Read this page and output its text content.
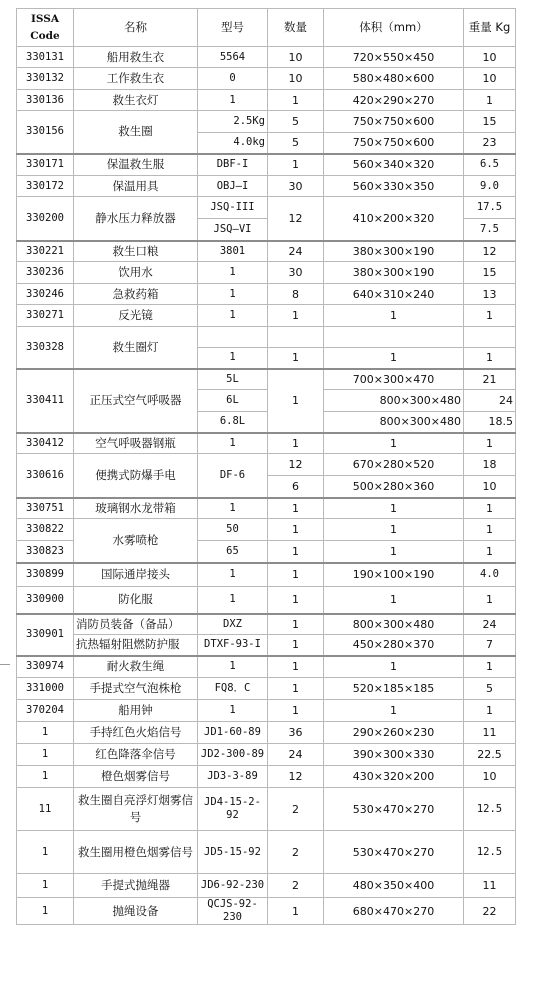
ISSA
Code	名称	型号	数量	体积（mm）	重量 Kg
330131	船用救生衣	5564	10	720×550×450	10
330132	工作救生衣	0	10	580×480×600	10
330136	救生衣灯	1	1	420×290×270	1
330156	救生圈	2.5Kg	5	750×750×600	15
		4.0kg	5	750×750×600	23
330171	保温救生服	DBF-I	1	560×340×320	6.5
330172	保温用具	OBJ—I	30	560×330×350	9.0
330200	静水压力释放器	JSQ-III	12	410×200×320	17.5
		JSQ—VI			7.5
330221	救生口粮	3801	24	380×300×190	12
330236	饮用水	1	30	380×300×190	15
330246	急救药箱	1	8	640×310×240	13
330271	反光镜	1	1	1	1
330328	救生圈灯				
		1	1	1	1
330411	正压式空气呼吸器	5L	1	700×300×470	21
		6L		800×300×480	24
		6.8L		800×300×480	18.5
330412	空气呼吸器钢瓶	1	1	1	1
330616	便携式防爆手电	DF-6	12	670×280×520	18
			6	500×280×360	10
330751	玻璃钢水龙带箱	1	1	1	1
330822	水雾喷枪	50	1	1	1
330823		65	1	1	1
330899	国际通岸接头	1	1	190×100×190	4.0
330900	防化服	1	1	1	1
330901	消防员装备（备品）	DXZ	1	800×300×480	24
	抗热辐射阻燃防护服	DTXF-93-I	1	450×280×370	7
330974	耐火救生绳	1	1	1	1
331000	手提式空气泡株枪	FQ8．C	1	520×185×185	5
370204	船用钟	1	1	1	1
1	手持红色火焰信号	JD1-60-89	36	290×260×230	11
1	红色降落伞信号	JD2-300-89	24	390×300×330	22.5
1	橙色烟雾信号	JD3-3-89	12	430×320×200	10
11	救生圈自亮浮灯烟雾信号	JD4-15-2-92	2	530×470×270	12.5
1	救生圈用橙色烟雾信号	JD5-15-92	2	530×470×270	12.5
1	手提式抛绳器	JD6-92-230	2	480×350×400	11
1	抛绳设备	QCJS-92-230	1	680×470×270	22
